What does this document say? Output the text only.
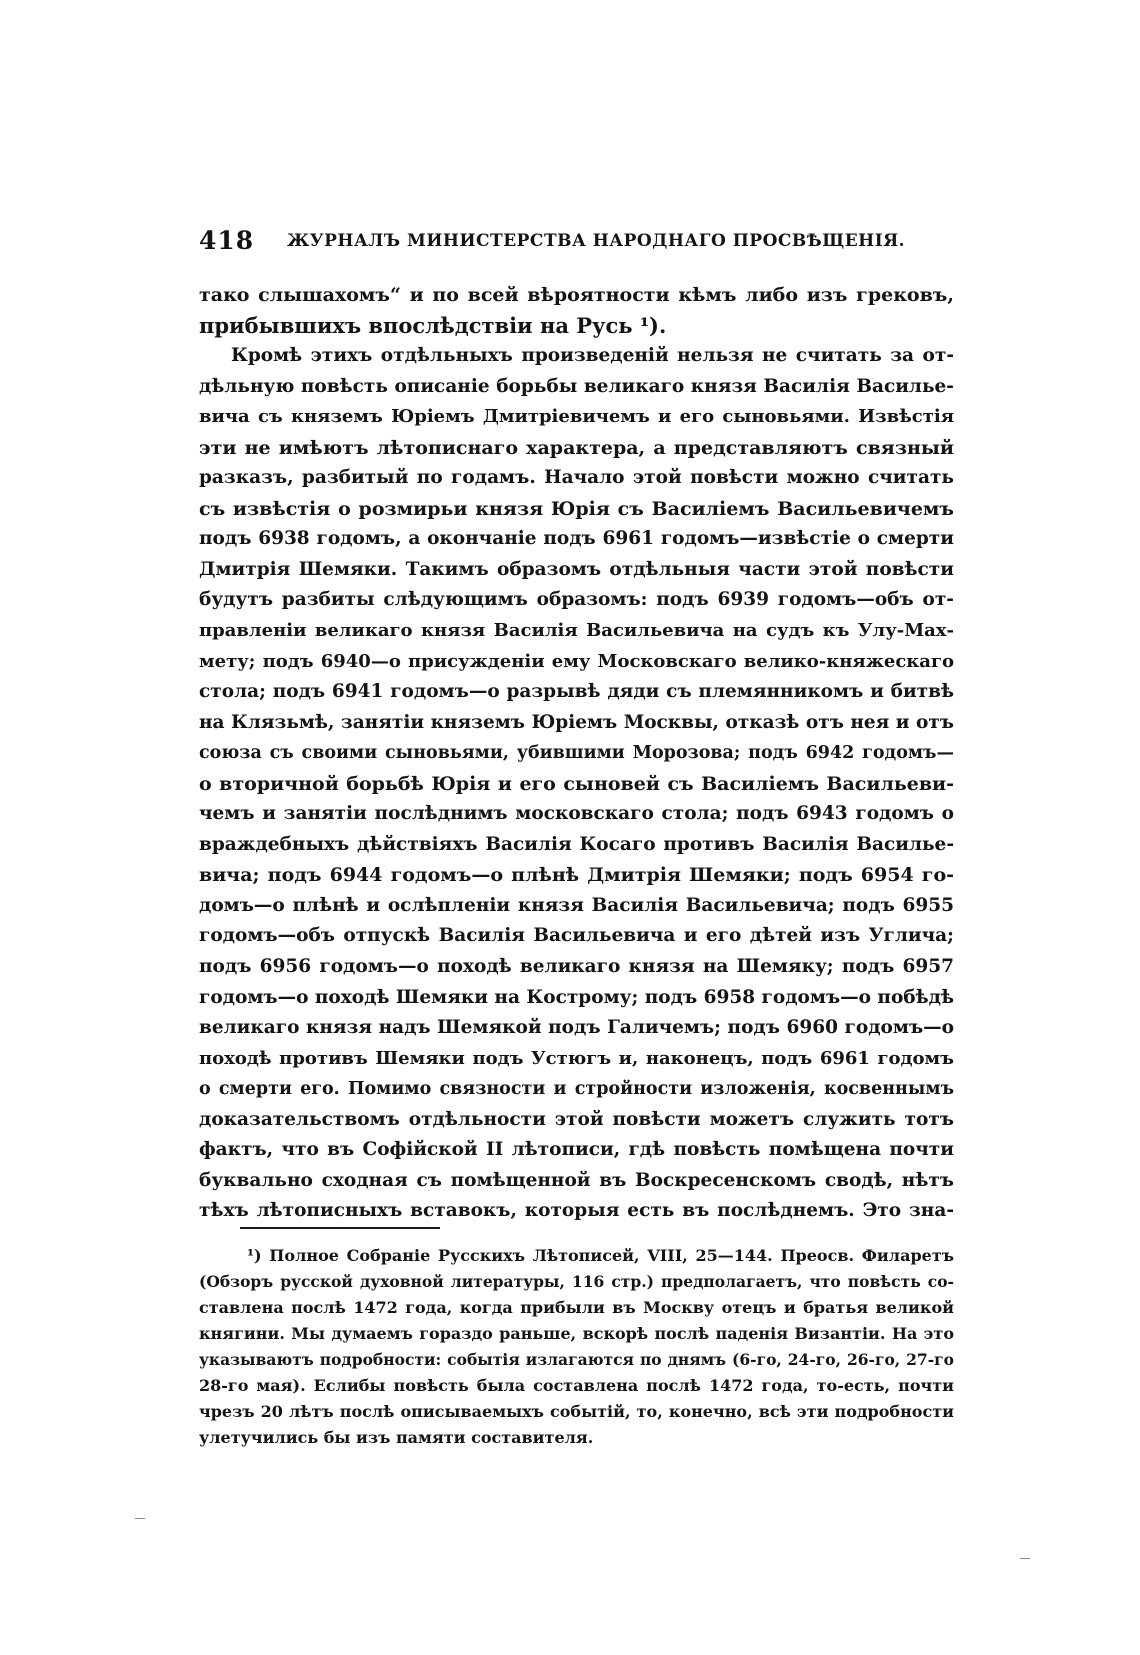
418 ЖУРНАЛЪ МИНИСТЕРСТВА НАРОДНАГО ПРОСВѢЩЕНІЯ.
тако слышахомъ“ и по всей вѣроятности кѣмъ либо изъ грековъ,
прибывшихъ впослѣдствіи на Русь ¹).
Кромѣ этихъ отдѣльныхъ произведеній нельзя не считать за от-
дѣльную повѣсть описаніе борьбы великаго князя Василія Василье-
вича съ княземъ Юріемъ Дмитріевичемъ и его сыновьями. Извѣстія
эти не имѣютъ лѣтописнаго характера, а представляютъ связный
разказъ, разбитый по годамъ. Начало этой повѣсти можно считать
съ извѣстія о розмирьи князя Юрія съ Василіемъ Васильевичемъ
подъ 6938 годомъ, а окончаніе подъ 6961 годомъ—извѣстіе о смерти
Дмитрія Шемяки. Такимъ образомъ отдѣльныя части этой повѣсти
будутъ разбиты слѣдующимъ образомъ: подъ 6939 годомъ—объ от-
правленіи великаго князя Василія Васильевича на судъ къ Улу-Мах-
мету; подъ 6940—о присужденіи ему Московскаго велико-княжескаго
стола; подъ 6941 годомъ—о разрывѣ дяди съ племянникомъ и битвѣ
на Клязьмѣ, занятіи княземъ Юріемъ Москвы, отказѣ отъ нея и отъ
союза съ своими сыновьями, убившими Морозова; подъ 6942 годомъ—
о вторичной борьбѣ Юрія и его сыновей съ Василіемъ Васильеви-
чемъ и занятіи послѣднимъ московскаго стола; подъ 6943 годомъ о
враждебныхъ дѣйствіяхъ Василія Косаго противъ Василія Василье-
вича; подъ 6944 годомъ—о плѣнѣ Дмитрія Шемяки; подъ 6954 го-
домъ—о плѣнѣ и ослѣпленіи князя Василія Васильевича; подъ 6955
годомъ—объ отпускѣ Василія Васильевича и его дѣтей изъ Углича;
подъ 6956 годомъ—о походѣ великаго князя на Шемяку; подъ 6957
годомъ—о походѣ Шемяки на Кострому; подъ 6958 годомъ—о побѣдѣ
великаго князя надъ Шемякой подъ Галичемъ; подъ 6960 годомъ—о
походѣ противъ Шемяки подъ Устюгъ и, наконецъ, подъ 6961 годомъ
о смерти его. Помимо связности и стройности изложенія, косвеннымъ
доказательствомъ отдѣльности этой повѣсти можетъ служить тотъ
фактъ, что въ Софійской II лѣтописи, гдѣ повѣсть помѣщена почти
буквально сходная съ помѣщенной въ Воскресенскомъ сводѣ, нѣтъ
тѣхъ лѣтописныхъ вставокъ, которыя есть въ послѣднемъ. Это зна-
¹) Полное Собраніе Русскихъ Лѣтописей, VIII, 25—144. Преосв. Филаретъ
(Обзоръ русской духовной литературы, 116 стр.) предполагаетъ, что повѣсть со-
ставлена послѣ 1472 года, когда прибыли въ Москву отецъ и братья великой
княгини. Мы думаемъ гораздо раньше, вскорѣ послѣ паденія Византіи. На это
указываютъ подробности: событія излагаются по днямъ (6-го, 24-го, 26-го, 27-го
28-го мая). Еслибы повѣсть была составлена послѣ 1472 года, то-есть, почти
чрезъ 20 лѣтъ послѣ описываемыхъ событій, то, конечно, всѣ эти подробности
улетучились бы изъ памяти составителя.
